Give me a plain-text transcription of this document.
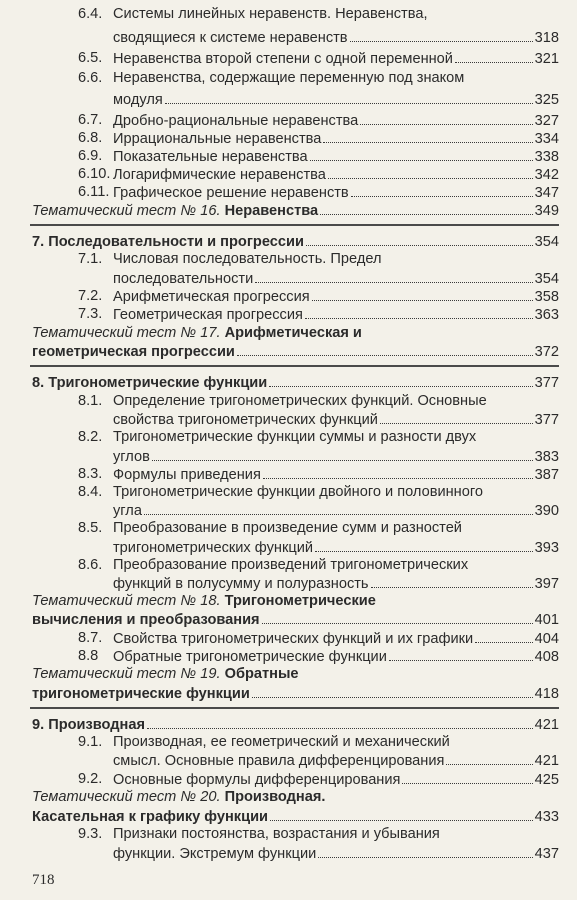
6.4. Системы линейных неравенств. Неравенства,
сводящиеся к системе неравенств	318
6.5. Неравенства второй степени с одной переменной	321
6.6. Неравенства, содержащие переменную под знаком
модуля	325
6.7. Дробно-рациональные неравенства	327
6.8. Иррациональные неравенства	334
6.9. Показательные неравенства	338
6.10. Логарифмические неравенства	342
6.11. Графическое решение неравенств	347
Тематический тест № 16. Неравенства	349
7. Последовательности и прогрессии	354
7.1. Числовая последовательность. Предел
последовательности	354
7.2. Арифметическая прогрессия	358
7.3. Геометрическая прогрессия	363
Тематический тест № 17. Арифметическая и
геометрическая прогрессии	372
8. Тригонометрические функции	377
8.1. Определение тригонометрических функций. Основные
свойства тригонометрических функций	377
8.2. Тригонометрические функции суммы и разности двух
углов	383
8.3. Формулы приведения	387
8.4. Тригонометрические функции двойного и половинного
угла	390
8.5. Преобразование в произведение сумм и разностей
тригонометрических функций	393
8.6. Преобразование произведений тригонометрических
функций в полусумму и полуразность	397
Тематический тест № 18. Тригонометрические
вычисления и преобразования	401
8.7. Свойства тригонометрических функций и их графики	404
8.8 Обратные тригонометрические функции	408
Тематический тест № 19. Обратные
тригонометрические функции	418
9. Производная	421
9.1. Производная, ее геометрический и механический
смысл. Основные правила дифференцирования	421
9.2. Основные формулы дифференцирования	425
Тематический тест № 20. Производная.
Касательная к графику функции	433
9.3. Признаки постоянства, возрастания и убывания
функции. Экстремум функции	437
718
